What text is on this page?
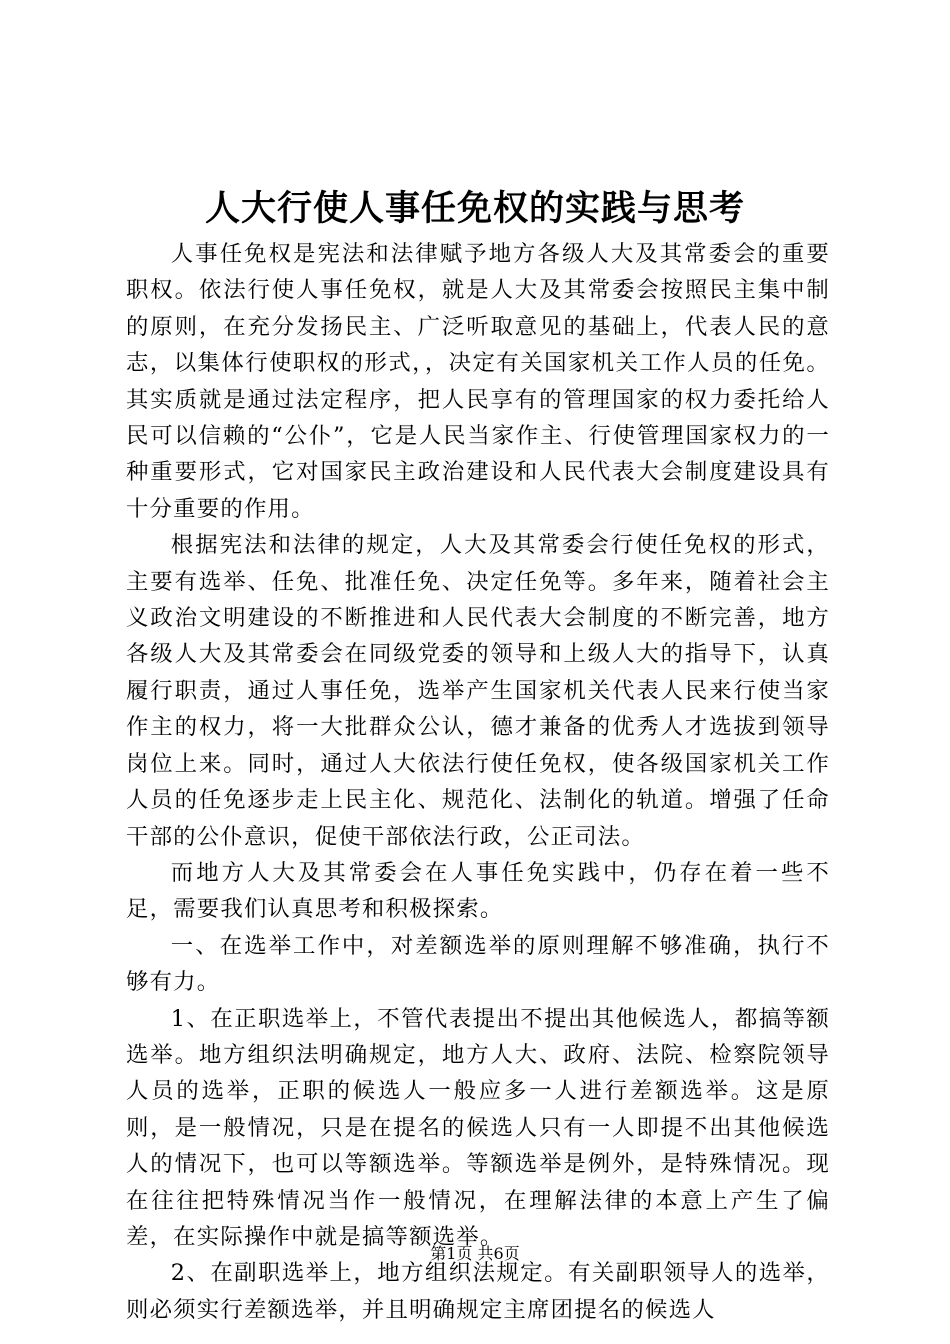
人大行使人事任免权的实践与思考

人事任免权是宪法和法律赋予地方各级人大及其常委会的重要职权。依法行使人事任免权，就是人大及其常委会按照民主集中制的原则，在充分发扬民主、广泛听取意见的基础上，代表人民的意志，以集体行使职权的形式，，决定有关国家机关工作人员的任免。其实质就是通过法定程序，把人民享有的管理国家的权力委托给人民可以信赖的“公仆”，它是人民当家作主、行使管理国家权力的一种重要形式，它对国家民主政治建设和人民代表大会制度建设具有十分重要的作用。

根据宪法和法律的规定，人大及其常委会行使任免权的形式，主要有选举、任免、批准任免、决定任免等。多年来，随着社会主义政治文明建设的不断推进和人民代表大会制度的不断完善，地方各级人大及其常委会在同级党委的领导和上级人大的指导下，认真履行职责，通过人事任免，选举产生国家机关代表人民来行使当家作主的权力，将一大批群众公认，德才兼备的优秀人才选拔到领导岗位上来。同时，通过人大依法行使任免权，使各级国家机关工作人员的任免逐步走上民主化、规范化、法制化的轨道。增强了任命干部的公仆意识，促使干部依法行政，公正司法。

而地方人大及其常委会在人事任免实践中，仍存在着一些不足，需要我们认真思考和积极探索。

一、在选举工作中，对差额选举的原则理解不够准确，执行不够有力。

1、在正职选举上，不管代表提出不提出其他候选人，都搞等额选举。地方组织法明确规定，地方人大、政府、法院、检察院领导人员的选举，正职的候选人一般应多一人进行差额选举。这是原则，是一般情况，只是在提名的候选人只有一人即提不出其他候选人的情况下，也可以等额选举。等额选举是例外，是特殊情况。现在往往把特殊情况当作一般情况，在理解法律的本意上产生了偏差，在实际操作中就是搞等额选举。

2、在副职选举上，地方组织法规定。有关副职领导人的选举，则必须实行差额选举，并且明确规定主席团提名的候选人

第1页 共6页
